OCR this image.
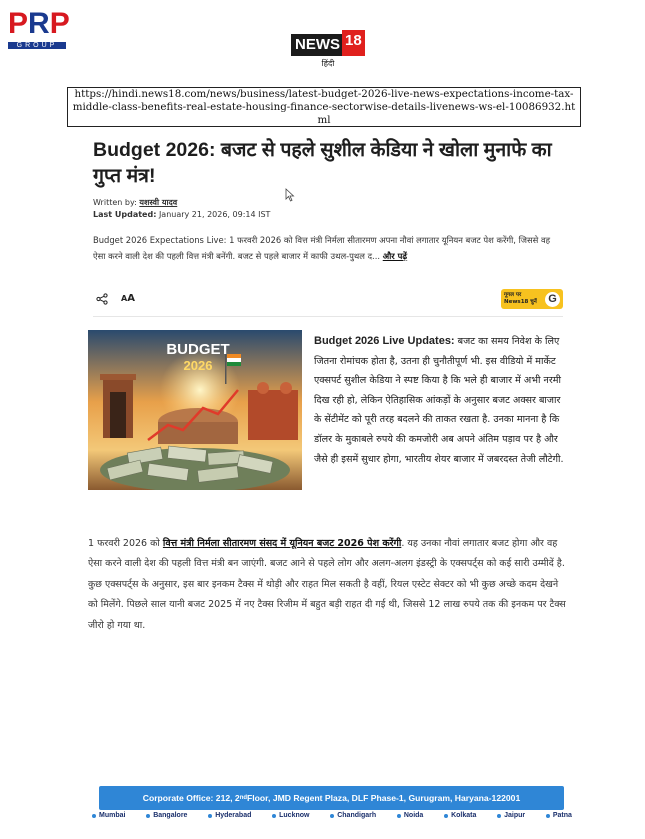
P R P
GROUP	NEWS 18
हिंदी
https://hindi.news18.com/news/business/latest-budget-2026-live-news-expectations-income-tax-middle-class-benefits-real-estate-housing-finance-sectorwise-details-livenews-ws-el-10086932.html
Budget 2026: बजट से पहले सुशील केडिया ने खोला मुनाफे का गुप्त मंत्र!
Written by: यशस्वी यादव
Last Updated: January 21, 2026, 09:14 IST
Budget 2026 Expectations Live: 1 फरवरी 2026 को वित्त मंत्री निर्मला सीतारमण अपना नौवां लगातार यूनियन बजट पेश करेंगी, जिससे वह ऐसा करने वाली देश की पहली वित्त मंत्री बनेंगी. बजट से पहले बाजार में काफी उथल-पुथल द... और पढ़ें
AA	गूगल पर
News18 चुनें	G
BUDGET
2026
Budget 2026 Live Updates: बजट का समय निवेश के लिए जितना रोमांचक होता है, उतना ही चुनौतीपूर्ण भी. इस वीडियो में मार्केट एक्सपर्ट सुशील केडिया ने स्पष्ट किया है कि भले ही बाजार में अभी नरमी दिख रही हो, लेकिन ऐतिहासिक आंकड़ों के अनुसार बजट अक्सर बाजार के सेंटीमेंट को पूरी तरह बदलने की ताकत रखता है. उनका मानना है कि डॉलर के मुकाबले रुपये की कमजोरी अब अपने अंतिम पड़ाव पर है और जैसे ही इसमें सुधार होगा, भारतीय शेयर बाजार में जबरदस्त तेजी लौटेगी.
1 फरवरी 2026 को वित्त मंत्री निर्मला सीतारमण संसद में यूनियन बजट 2026 पेश करेंगी. यह उनका नौवां लगातार बजट होगा और वह ऐसा करने वाली देश की पहली वित्त मंत्री बन जाएंगी. बजट आने से पहले लोग और अलग-अलग इंडस्ट्री के एक्सपर्ट्स को कई सारी उम्मीदें है. कुछ एक्सपर्ट्स के अनुसार, इस बार इनकम टैक्स में थोड़ी और राहत मिल सकती है वहीं, रियल एस्टेट सेक्टर को भी कुछ अच्छे कदम देखने को मिलेंगे. पिछले साल यानी बजट 2025 में नए टैक्स रिजीम में बहुत बड़ी राहत दी गई थी, जिससे 12 लाख रुपये तक की इनकम पर टैक्स जीरो हो गया था.
Corporate Office: 212, 2 nd Floor, JMD Regent Plaza, DLF Phase-1, Gurugram, Haryana-122001
Mumbai	Bangalore	Hyderabad	Lucknow	Chandigarh	Noida	Kolkata	Jaipur	Patna
